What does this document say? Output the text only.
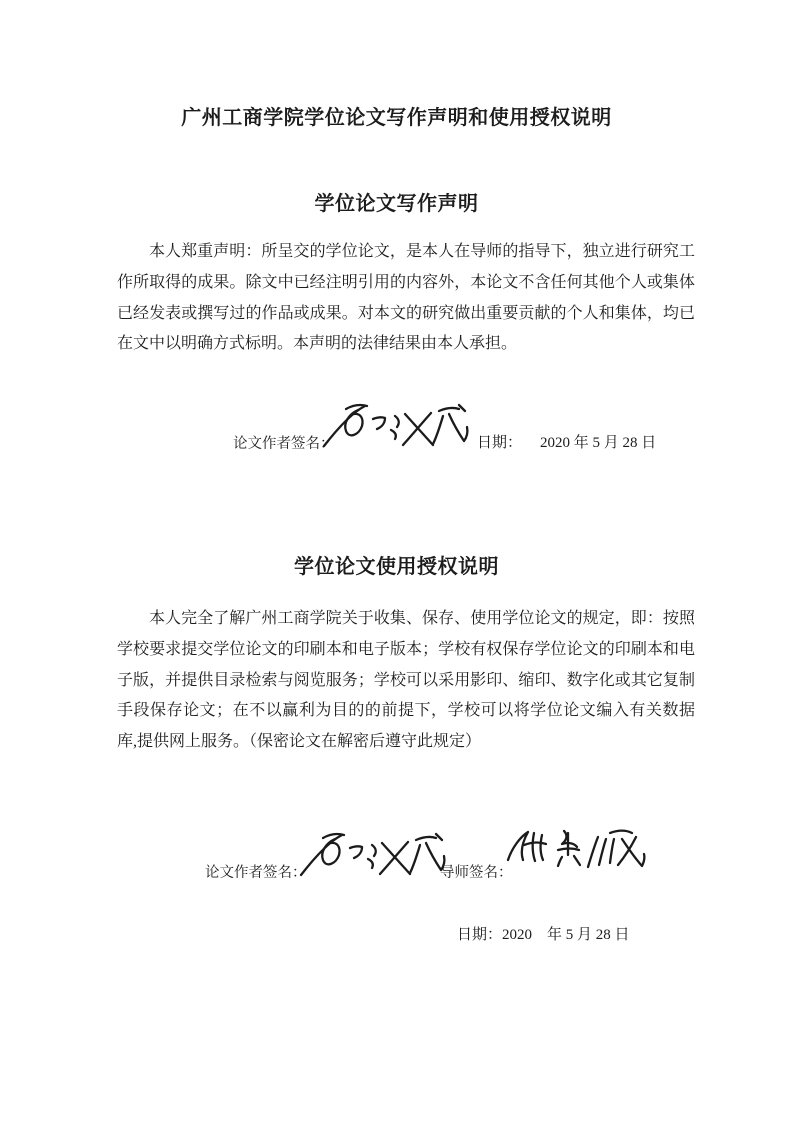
广州工商学院学位论文写作声明和使用授权说明
学位论文写作声明

本人郑重声明：所呈交的学位论文，是本人在导师的指导下，独立进行研究工作所取得的成果。除文中已经注明引用的内容外，本论文不含任何其他个人或集体已经发表或撰写过的作品或成果。对本文的研究做出重要贡献的个人和集体，均已在文中以明确方式标明。本声明的法律结果由本人承担。

论文作者签名：	日期： 2020 年 5 月 28 日
学位论文使用授权说明

本人完全了解广州工商学院关于收集、保存、使用学位论文的规定，即：按照学校要求提交学位论文的印刷本和电子版本；学校有权保存学位论文的印刷本和电子版，并提供目录检索与阅览服务；学校可以采用影印、缩印、数字化或其它复制手段保存论文；在不以赢利为目的的前提下，学校可以将学位论文编入有关数据库,提供网上服务。（保密论文在解密后遵守此规定）

论文作者签名：	导师签名：
日期：2020　年 5 月 28 日
